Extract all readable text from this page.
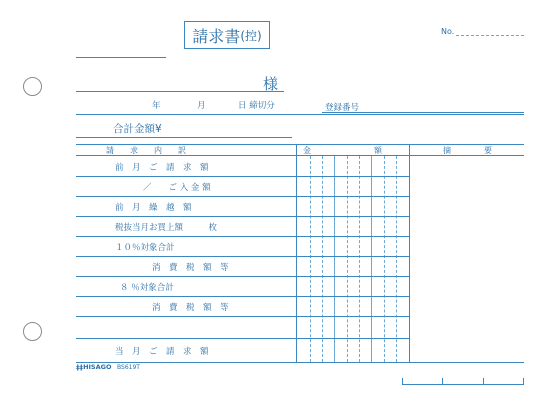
請求書 (控)	No.
様
年	月	日 締切分	登録番号
合計金額¥
請　　求　　内　　訳	金	額	摘	要
前　月　ご　請　求　額
／　　ご 入 金 額
前　月　繰　越　額
税抜当月お買上額　　　枚
１０％対象合計
消　費　税　額　等
８ ％対象合計
消　費　税　額　等
当　月　ご　請　求　額
ǂǂHISAGO BS619T
